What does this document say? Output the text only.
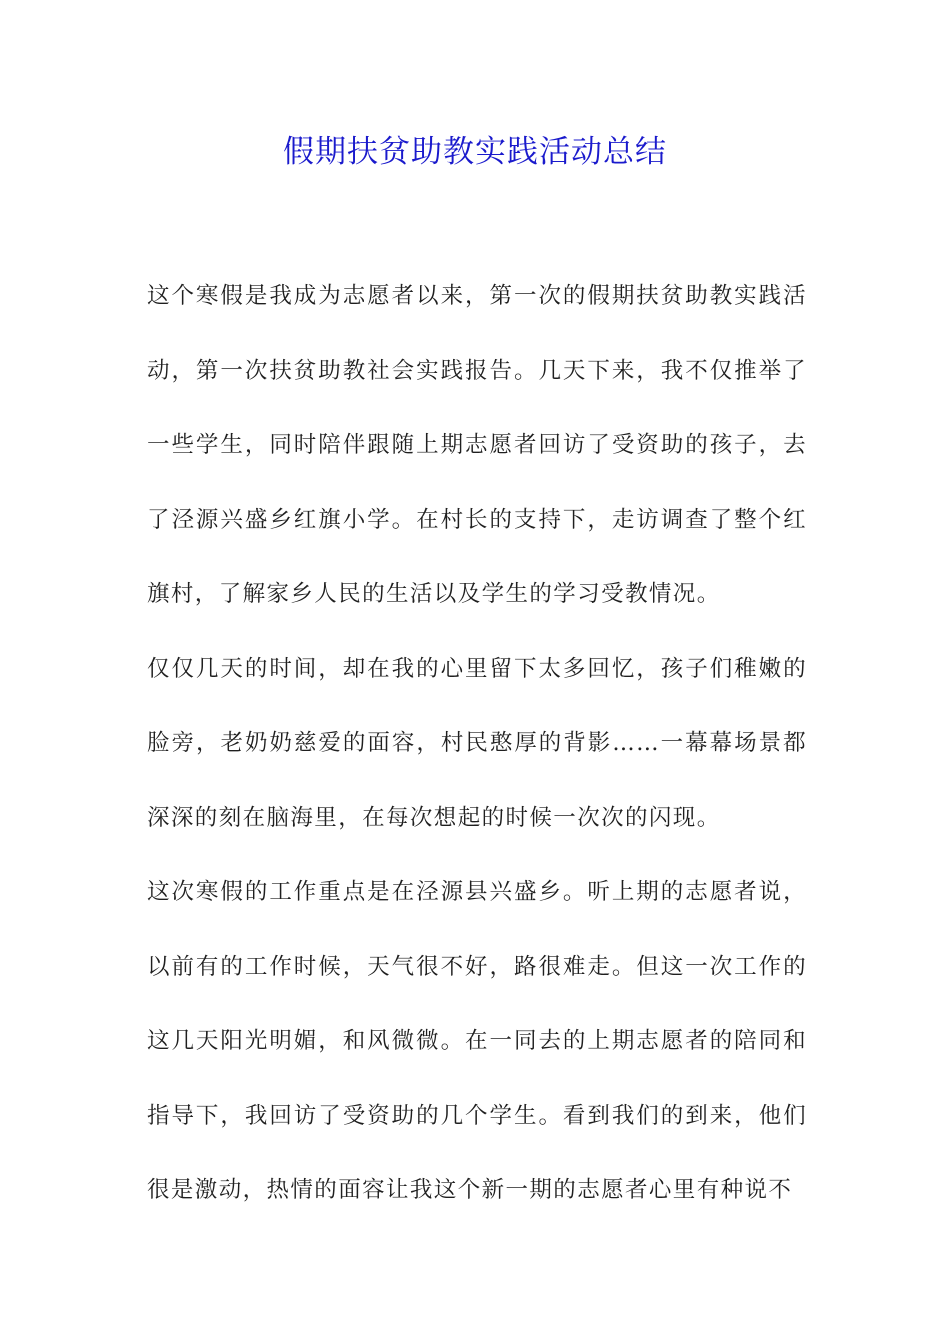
假期扶贫助教实践活动总结

这个寒假是我成为志愿者以来，第一次的假期扶贫助教实践活动，第一次扶贫助教社会实践报告。几天下来，我不仅推举了一些学生，同时陪伴跟随上期志愿者回访了受资助的孩子，去了泾源兴盛乡红旗小学。在村长的支持下，走访调查了整个红旗村，了解家乡人民的生活以及学生的学习受教情况。

仅仅几天的时间，却在我的心里留下太多回忆，孩子们稚嫩的脸旁，老奶奶慈爱的面容，村民憨厚的背影……一幕幕场景都深深的刻在脑海里，在每次想起的时候一次次的闪现。

这次寒假的工作重点是在泾源县兴盛乡。听上期的志愿者说，以前有的工作时候，天气很不好，路很难走。但这一次工作的这几天阳光明媚，和风微微。在一同去的上期志愿者的陪同和指导下，我回访了受资助的几个学生。看到我们的到来，他们很是激动，热情的面容让我这个新一期的志愿者心里有种说不
